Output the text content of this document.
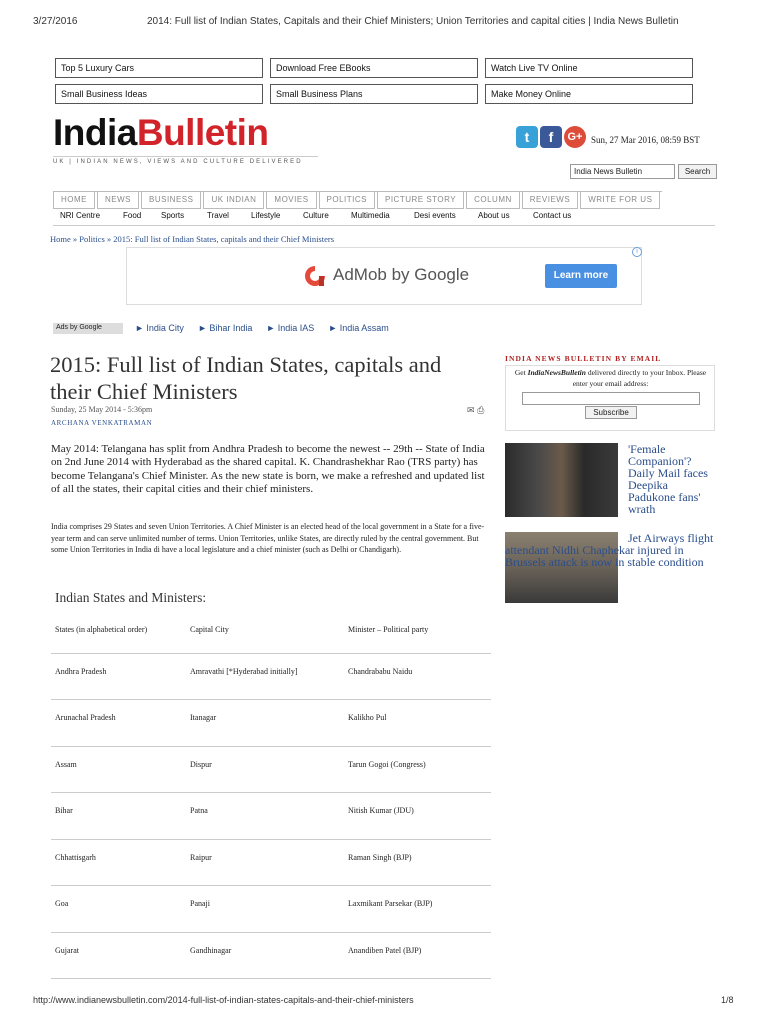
3/27/2016	2014: Full list of Indian States, Capitals and their Chief Ministers; Union Territories and capital cities | India News Bulletin
Top 5 Luxury Cars	Download Free EBooks	Watch Live TV Online
Small Business Ideas	Small Business Plans	Make Money Online
IndiaBulletin
UK | INDIAN NEWS, VIEWS AND CULTURE DELIVERED
t	f	G+ Sun, 27 Mar 2016, 08:59 BST
India News Bulletin	Search
HOME	NEWS	BUSINESS	UK INDIAN	MOVIES	POLITICS	PICTURE STORY	COLUMN	REVIEWS	WRITE FOR US
NRI Centre	Food	Sports	Travel	Lifestyle	Culture	Multimedia	Desi events	About us	Contact us
Home » Politics » 2015: Full list of Indian States, capitals and their Chief Ministers
i
AdMob by Google	Learn more
Ads by Google	► India City ► Bihar India ► India IAS ► India Assam
2015: Full list of Indian States, capitals and their Chief Ministers
Sunday, 25 May 2014 - 5:36pm
ARCHANA VENKATRAMAN
✉ ⎙

May 2014: Telangana has split from Andhra Pradesh to become the newest -- 29th -- State of India on 2nd June 2014 with Hyderabad as the shared capital. K. Chandrashekhar Rao (TRS party) has become Telangana's Chief Minister. As the new state is born, we make a refreshed and updated list of all the states, their capital cities and their chief ministers.

India comprises 29 States and seven Union Territories. A Chief Minister is an elected head of the local government in a State for a five-year term and can serve unlimited number of terms. Union Territories, unlike States, are directly ruled by the central government. But some Union Territories in India di have a local legislature and a chief minister (such as Delhi or Chandigarh).

Indian States and Ministers:
States (in alphabetical order)	Capital City	Minister – Political party
Andhra Pradesh	Amravathi [*Hyderabad initially]	Chandrababu Naidu
Arunachal Pradesh	Itanagar	Kalikho Pul
Assam	Dispur	Tarun Gogoi (Congress)
Bihar	Patna	Nitish Kumar (JDU)
Chhattisgarh	Raipur	Raman Singh (BJP)
Goa	Panaji	Laxmikant Parsekar (BJP)
Gujarat	Gandhinagar	Anandiben Patel (BJP)
INDIA NEWS BULLETIN BY EMAIL
Get IndiaNewsBulletin delivered directly to your Inbox. Please enter your email address:
Subscribe
'Female Companion'? Daily Mail faces Deepika Padukone fans' wrath
Jet Airways flight attendant Nidhi Chaphekar injured in Brussels attack is now in stable condition
http://www.indianewsbulletin.com/2014-full-list-of-indian-states-capitals-and-their-chief-ministers	1/8
